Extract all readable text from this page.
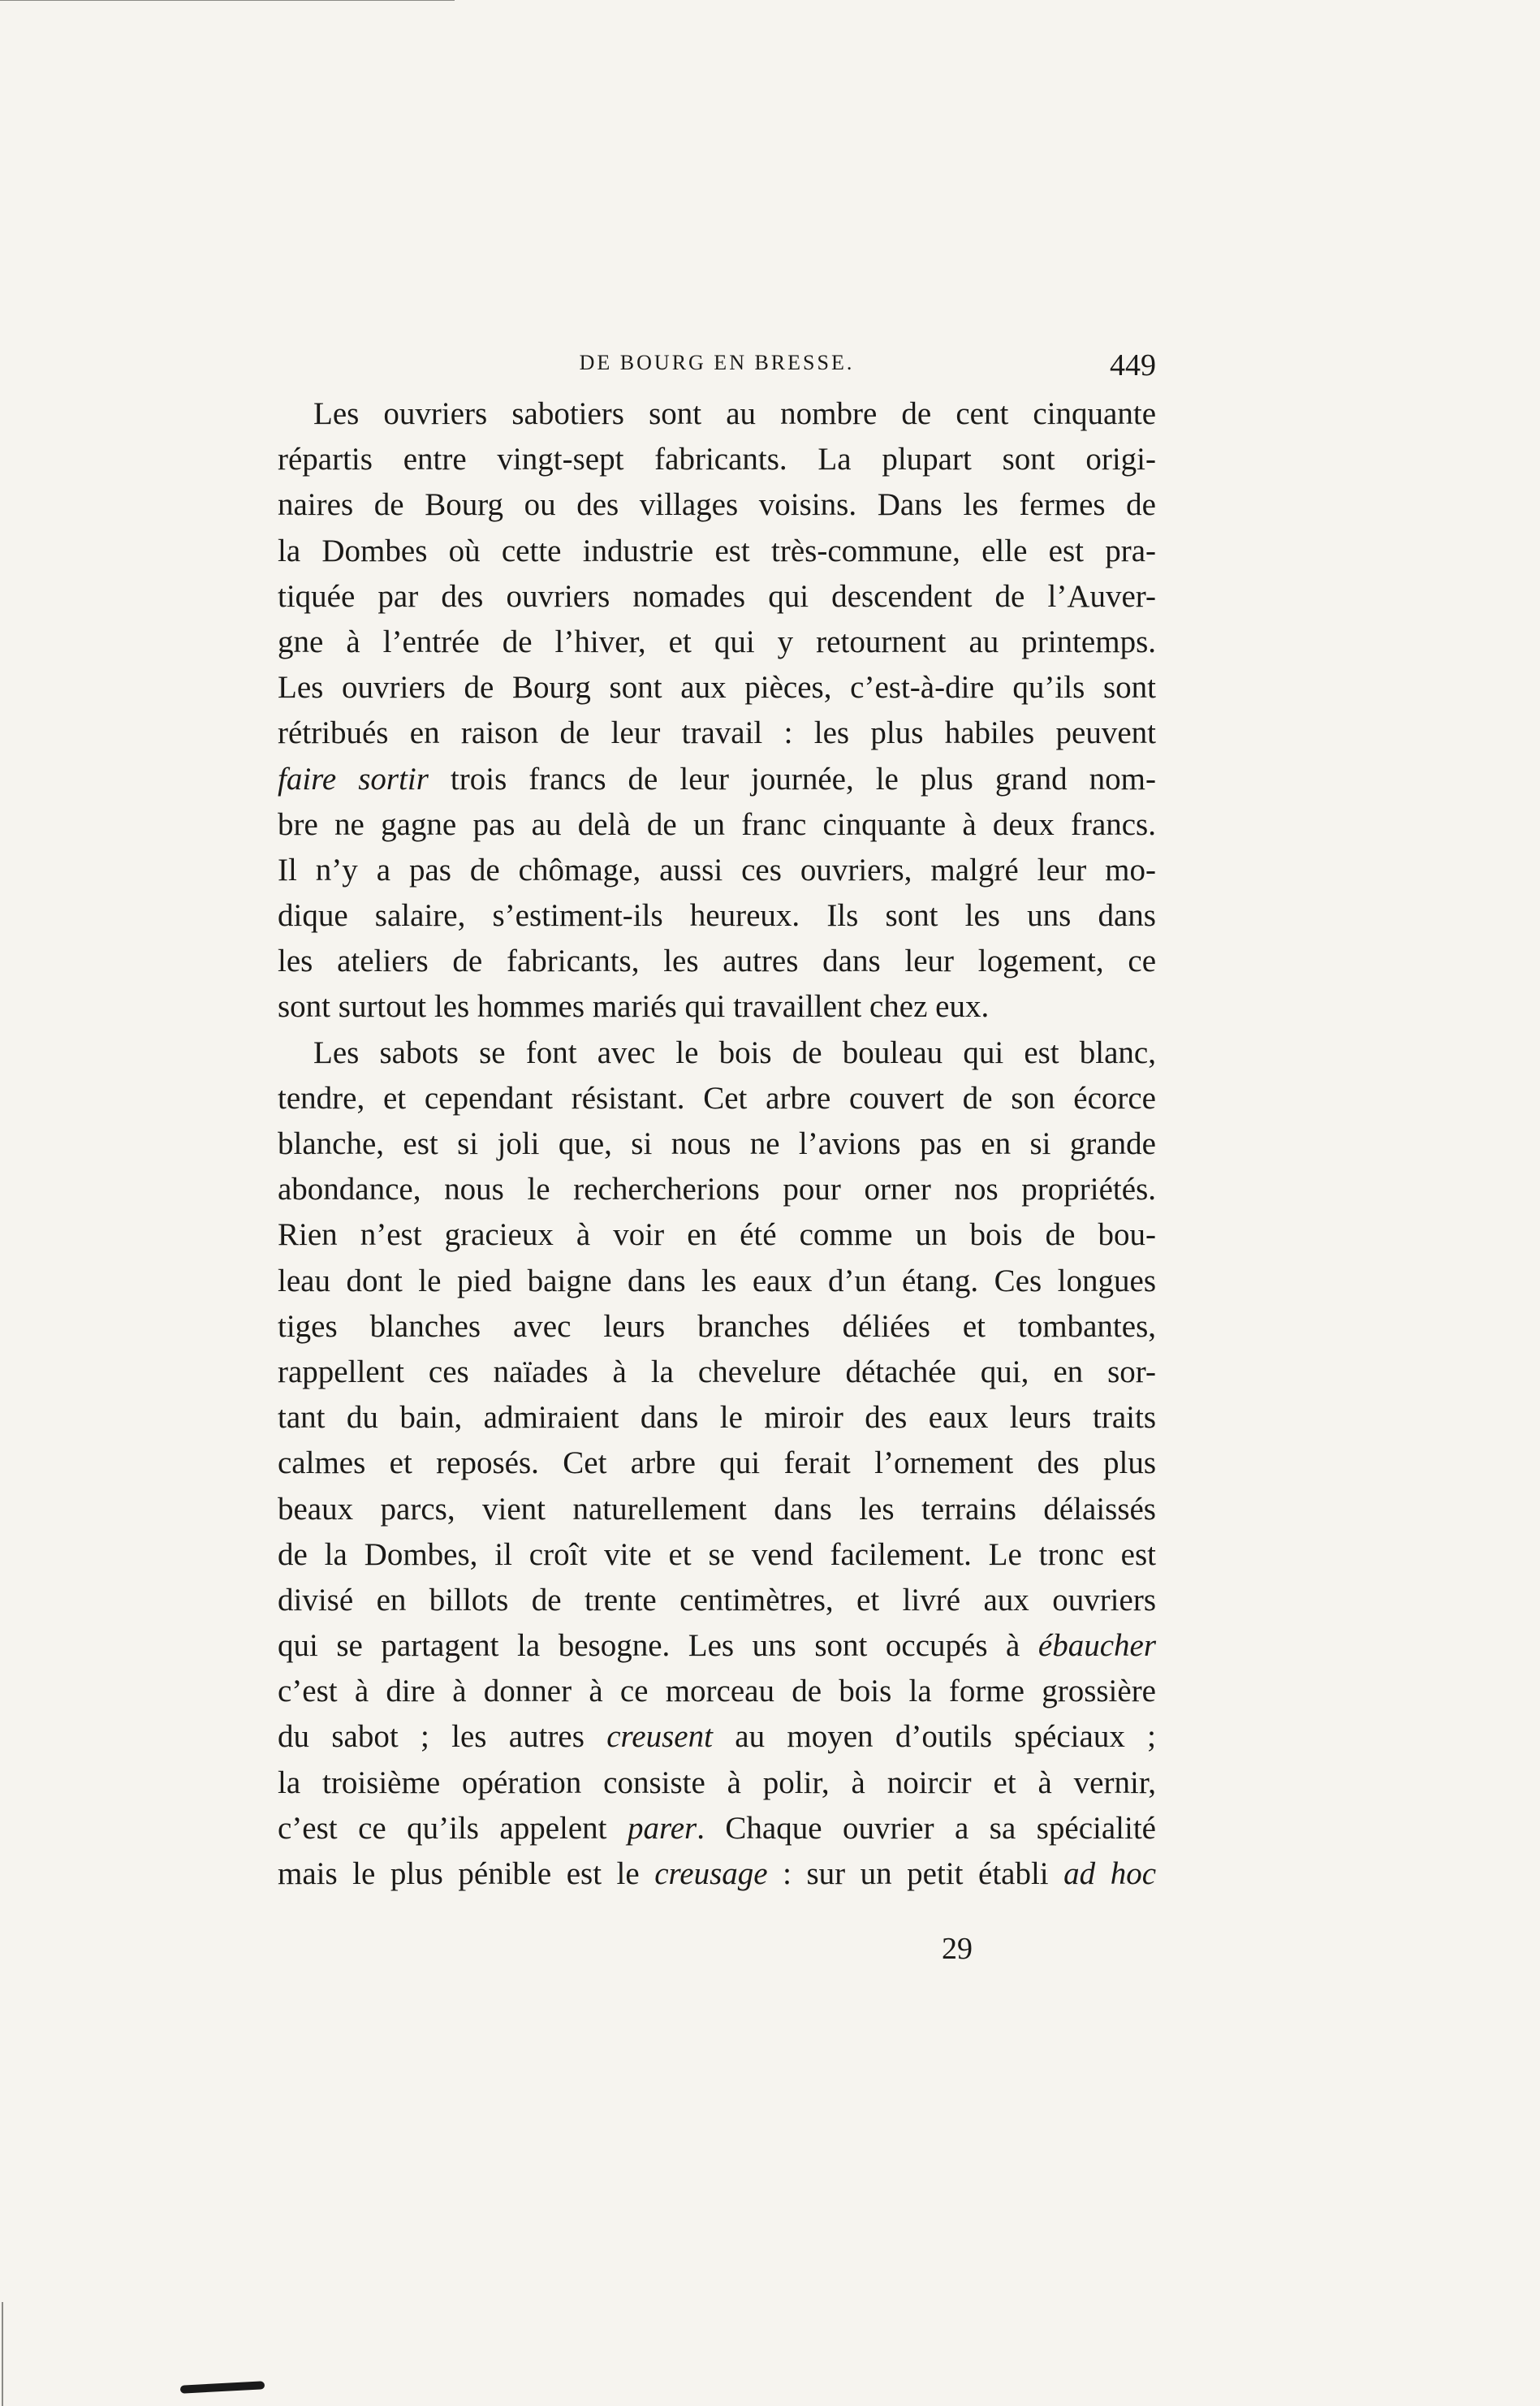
DE BOURG EN BRESSE.	449
Les ouvriers sabotiers sont au nombre de cent cinquante
répartis entre vingt-sept fabricants. La plupart sont origi-
naires de Bourg ou des villages voisins. Dans les fermes de
la Dombes où cette industrie est très-commune, elle est pra-
tiquée par des ouvriers nomades qui descendent de l’Auver-
gne à l’entrée de l’hiver, et qui y retournent au printemps.
Les ouvriers de Bourg sont aux pièces, c’est-à-dire qu’ils sont
rétribués en raison de leur travail : les plus habiles peuvent
faire sortir trois francs de leur journée, le plus grand nom-
bre ne gagne pas au delà de un franc cinquante à deux francs.
Il n’y a pas de chômage, aussi ces ouvriers, malgré leur mo-
dique salaire, s’estiment-ils heureux. Ils sont les uns dans
les ateliers de fabricants, les autres dans leur logement, ce
sont surtout les hommes mariés qui travaillent chez eux.
Les sabots se font avec le bois de bouleau qui est blanc,
tendre, et cependant résistant. Cet arbre couvert de son écorce
blanche, est si joli que, si nous ne l’avions pas en si grande
abondance, nous le rechercherions pour orner nos propriétés.
Rien n’est gracieux à voir en été comme un bois de bou-
leau dont le pied baigne dans les eaux d’un étang. Ces longues
tiges blanches avec leurs branches déliées et tombantes,
rappellent ces naïades à la chevelure détachée qui, en sor-
tant du bain, admiraient dans le miroir des eaux leurs traits
calmes et reposés. Cet arbre qui ferait l’ornement des plus
beaux parcs, vient naturellement dans les terrains délaissés
de la Dombes, il croît vite et se vend facilement. Le tronc est
divisé en billots de trente centimètres, et livré aux ouvriers
qui se partagent la besogne. Les uns sont occupés à ébaucher
c’est à dire à donner à ce morceau de bois la forme grossière
du sabot ; les autres creusent au moyen d’outils spéciaux ;
la troisième opération consiste à polir, à noircir et à vernir,
c’est ce qu’ils appelent parer. Chaque ouvrier a sa spécialité
mais le plus pénible est le creusage : sur un petit établi ad hoc
29
